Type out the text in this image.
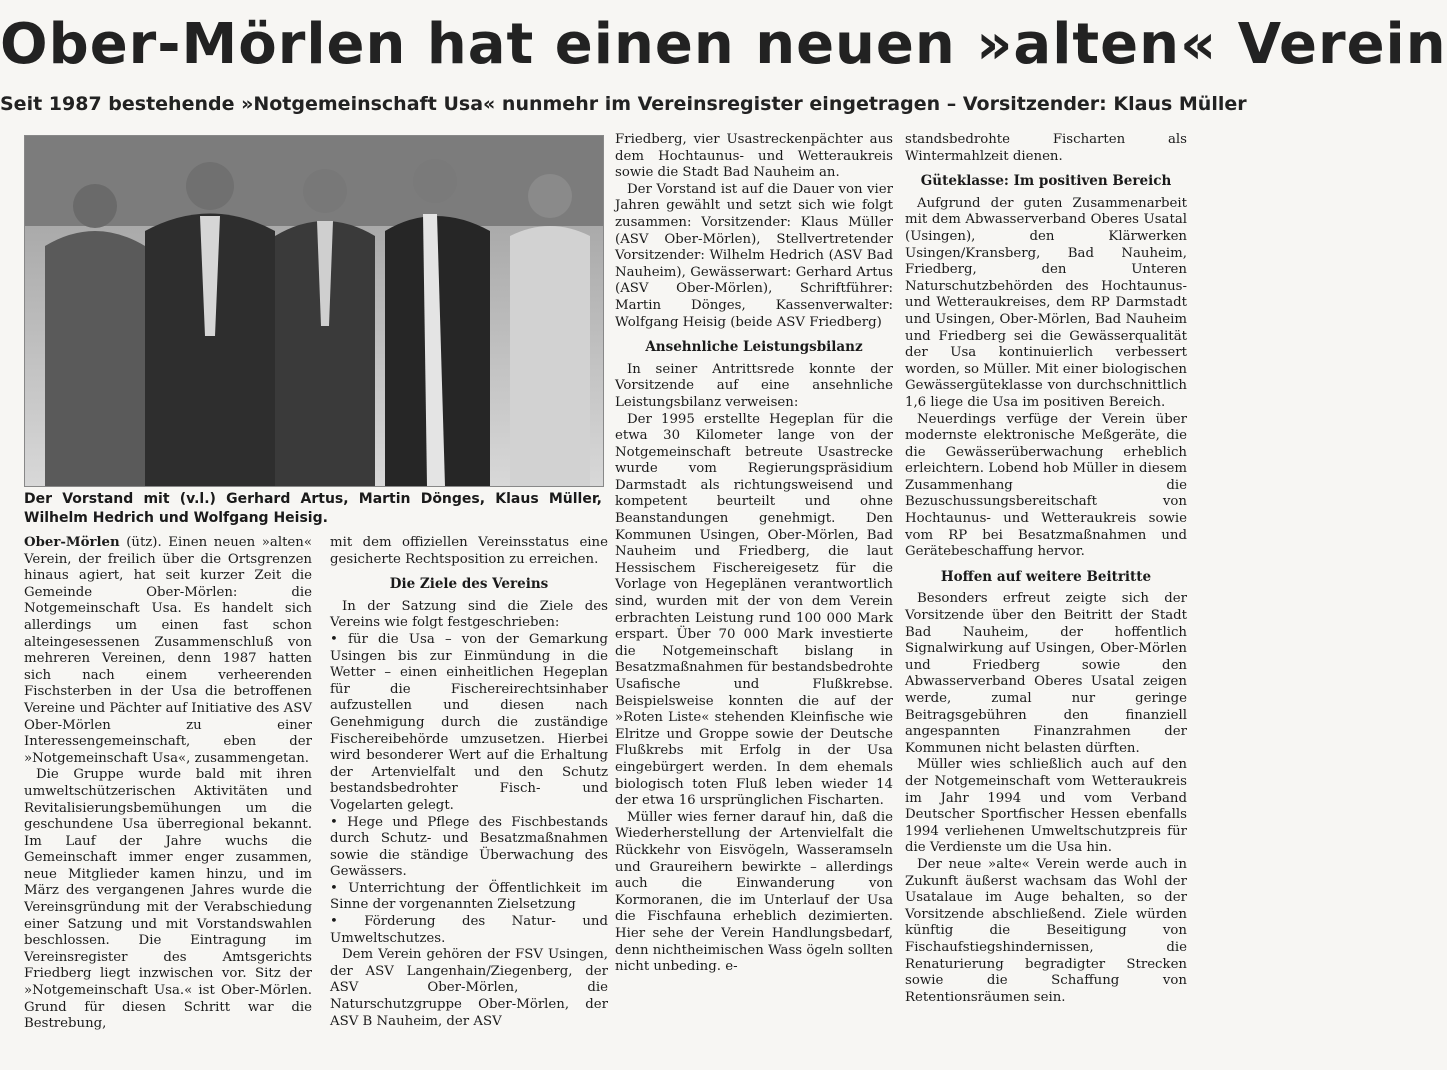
Ober-Mörlen hat einen neuen »alten« Verein
Seit 1987 bestehende »Notgemeinschaft Usa« nunmehr im Vereinsregister eingetragen – Vorsitzender: Klaus Müller
Der Vorstand mit (v.l.) Gerhard Artus, Martin Dönges, Klaus Müller, Wilhelm Hedrich und Wolfgang Heisig.

Ober-Mörlen (ütz). Einen neuen »alten« Verein, der freilich über die Ortsgrenzen hinaus agiert, hat seit kurzer Zeit die Gemeinde Ober-Mörlen: die Notgemeinschaft Usa. Es handelt sich allerdings um einen fast schon alteingesessenen Zusammenschluß von mehreren Vereinen, denn 1987 hatten sich nach einem verheerenden Fischsterben in der Usa die betroffenen Vereine und Pächter auf Initiative des ASV Ober-Mörlen zu einer Interessengemeinschaft, eben der »Notgemeinschaft Usa«, zusammengetan.

Die Gruppe wurde bald mit ihren umweltschützerischen Aktivitäten und Revitalisierungsbemühungen um die geschundene Usa überregional bekannt. Im Lauf der Jahre wuchs die Gemeinschaft immer enger zusammen, neue Mitglieder kamen hinzu, und im März des vergangenen Jahres wurde die Vereinsgründung mit der Verabschiedung einer Satzung und mit Vorstandswahlen beschlossen. Die Eintragung im Vereinsregister des Amtsgerichts Friedberg liegt inzwischen vor. Sitz der »Notgemeinschaft Usa.« ist Ober-Mörlen. Grund für diesen Schritt war die Bestrebung,

mit dem offiziellen Vereinsstatus eine gesicherte Rechtsposition zu erreichen.

Die Ziele des Vereins

In der Satzung sind die Ziele des Vereins wie folgt festgeschrieben:

• für die Usa – von der Gemarkung Usingen bis zur Einmündung in die Wetter – einen einheitlichen Hegeplan für die Fischereirechtsinhaber aufzustellen und diesen nach Genehmigung durch die zuständige Fischereibehörde umzusetzen. Hierbei wird besonderer Wert auf die Erhaltung der Artenvielfalt und den Schutz bestandsbedrohter Fisch- und Vogelarten gelegt.

• Hege und Pflege des Fischbestands durch Schutz- und Besatzmaßnahmen sowie die ständige Überwachung des Gewässers.

• Unterrichtung der Öffentlichkeit im Sinne der vorgenannten Zielsetzung

• Förderung des Natur- und Umweltschutzes.

Dem Verein gehören der FSV Usingen, der ASV Langenhain/Ziegenberg, der ASV Ober-Mörlen, die Naturschutzgruppe Ober-Mörlen, der ASV B Nauheim, der ASV

Friedberg, vier Usastreckenpächter aus dem Hochtaunus- und Wetteraukreis sowie die Stadt Bad Nauheim an.

Der Vorstand ist auf die Dauer von vier Jahren gewählt und setzt sich wie folgt zusammen: Vorsitzender: Klaus Müller (ASV Ober-Mörlen), Stellvertretender Vorsitzender: Wilhelm Hedrich (ASV Bad Nauheim), Gewässerwart: Gerhard Artus (ASV Ober-Mörlen), Schriftführer: Martin Dönges, Kassenverwalter: Wolfgang Heisig (beide ASV Friedberg)

Ansehnliche Leistungsbilanz

In seiner Antrittsrede konnte der Vorsitzende auf eine ansehnliche Leistungsbilanz verweisen:

Der 1995 erstellte Hegeplan für die etwa 30 Kilometer lange von der Notgemeinschaft betreute Usastrecke wurde vom Regierungspräsidium Darmstadt als richtungsweisend und kompetent beurteilt und ohne Beanstandungen genehmigt. Den Kommunen Usingen, Ober-Mörlen, Bad Nauheim und Friedberg, die laut Hessischem Fischereigesetz für die Vorlage von Hegeplänen verantwortlich sind, wurden mit der von dem Verein erbrachten Leistung rund 100 000 Mark erspart. Über 70 000 Mark investierte die Notgemeinschaft bislang in Besatzmaßnahmen für bestandsbedrohte Usafische und Flußkrebse. Beispielsweise konnten die auf der »Roten Liste« stehenden Kleinfische wie Elritze und Groppe sowie der Deutsche Flußkrebs mit Erfolg in der Usa eingebürgert werden. In dem ehemals biologisch toten Fluß leben wieder 14 der etwa 16 ursprünglichen Fischarten.

Müller wies ferner darauf hin, daß die Wiederherstellung der Artenvielfalt die Rückkehr von Eisvögeln, Wasseramseln und Graureihern bewirkte – allerdings auch die Einwanderung von Kormoranen, die im Unterlauf der Usa die Fischfauna erheblich dezimierten. Hier sehe der Verein Handlungsbedarf, denn nichtheimischen Wass ögeln sollten nicht unbeding. e-

standsbedrohte Fischarten als Wintermahlzeit dienen.

Güteklasse: Im positiven Bereich

Aufgrund der guten Zusammenarbeit mit dem Abwasserverband Oberes Usatal (Usingen), den Klärwerken Usingen/Kransberg, Bad Nauheim, Friedberg, den Unteren Naturschutzbehörden des Hochtaunus- und Wetteraukreises, dem RP Darmstadt und Usingen, Ober-Mörlen, Bad Nauheim und Friedberg sei die Gewässerqualität der Usa kontinuierlich verbessert worden, so Müller. Mit einer biologischen Gewässergüteklasse von durchschnittlich 1,6 liege die Usa im positiven Bereich.

Neuerdings verfüge der Verein über modernste elektronische Meßgeräte, die die Gewässerüberwachung erheblich erleichtern. Lobend hob Müller in diesem Zusammenhang die Bezuschussungsbereitschaft von Hochtaunus- und Wetteraukreis sowie vom RP bei Besatzmaßnahmen und Gerätebeschaffung hervor.

Hoffen auf weitere Beitritte

Besonders erfreut zeigte sich der Vorsitzende über den Beitritt der Stadt Bad Nauheim, der hoffentlich Signalwirkung auf Usingen, Ober-Mörlen und Friedberg sowie den Abwasserverband Oberes Usatal zeigen werde, zumal nur geringe Beitragsgebühren den finanziell angespannten Finanzrahmen der Kommunen nicht belasten dürften.

Müller wies schließlich auch auf den der Notgemeinschaft vom Wetteraukreis im Jahr 1994 und vom Verband Deutscher Sportfischer Hessen ebenfalls 1994 verliehenen Umweltschutzpreis für die Verdienste um die Usa hin.

Der neue »alte« Verein werde auch in Zukunft äußerst wachsam das Wohl der Usatalaue im Auge behalten, so der Vorsitzende abschließend. Ziele würden künftig die Beseitigung von Fischaufstiegshindernissen, die Renaturierung begradigter Strecken sowie die Schaffung von Retentionsräumen sein.
